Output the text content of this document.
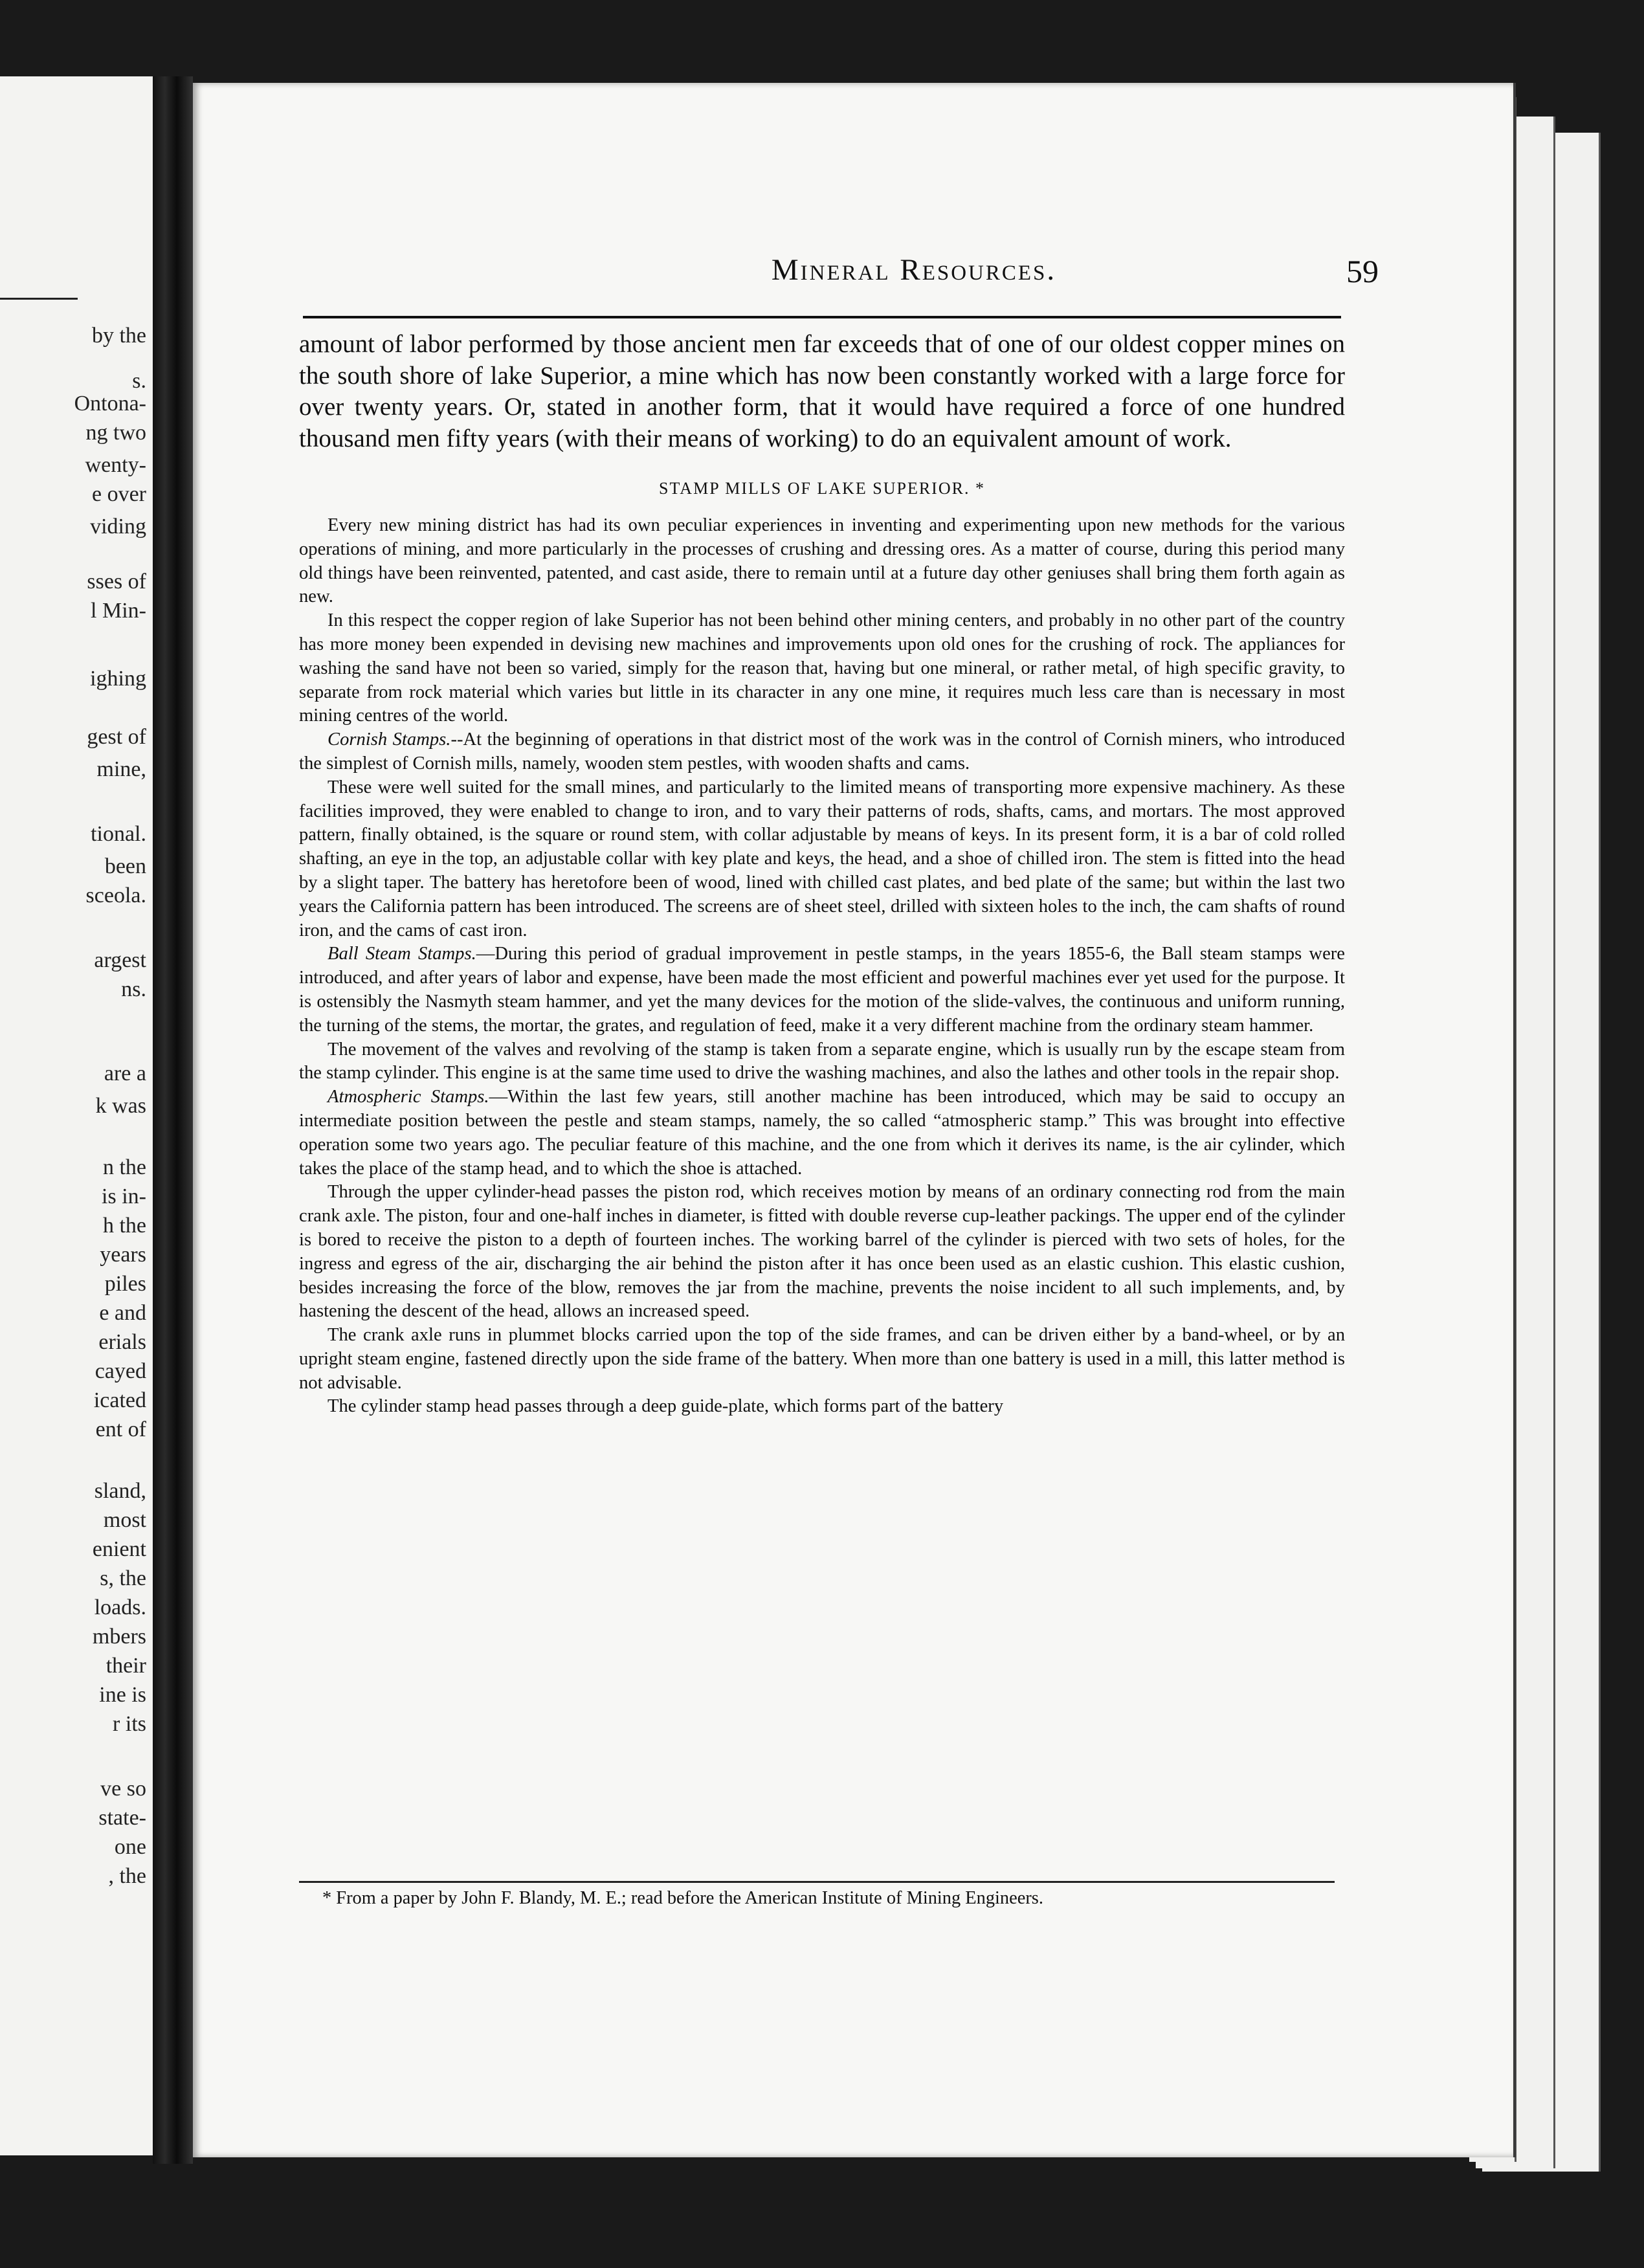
by the
s.
Ontona-
ng two
wenty-
e over
viding
sses of
l Min-
ighing
gest of
mine,
tional.
been
sceola.
argest
ns.
are a
k was
n the
is in-
h the
years
piles
e and
erials
cayed
icated
ent of
sland,
most
enient
s, the
loads.
mbers
their
ine is
r its
ve so
state-
one
, the
Mineral Resources.	59

amount of labor performed by those ancient men far exceeds that of one of our oldest copper mines on the south shore of lake Superior, a mine which has now been constantly worked with a large force for over twenty years. Or, stated in another form, that it would have required a force of one hundred thousand men fifty years (with their means of working) to do an equivalent amount of work.

STAMP MILLS OF LAKE SUPERIOR. *

Every new mining district has had its own peculiar experiences in inventing and experimenting upon new methods for the various operations of mining, and more particularly in the processes of crushing and dressing ores. As a matter of course, during this period many old things have been reinvented, patented, and cast aside, there to remain until at a future day other geniuses shall bring them forth again as new.

In this respect the copper region of lake Superior has not been behind other mining centers, and probably in no other part of the country has more money been expended in devising new machines and improvements upon old ones for the crushing of rock. The appliances for washing the sand have not been so varied, simply for the reason that, having but one mineral, or rather metal, of high specific gravity, to separate from rock material which varies but little in its character in any one mine, it requires much less care than is necessary in most mining centres of the world.

Cornish Stamps.--At the beginning of operations in that district most of the work was in the control of Cornish miners, who introduced the simplest of Cornish mills, namely, wooden stem pestles, with wooden shafts and cams.

These were well suited for the small mines, and particularly to the limited means of transporting more expensive machinery. As these facilities improved, they were enabled to change to iron, and to vary their patterns of rods, shafts, cams, and mortars. The most approved pattern, finally obtained, is the square or round stem, with collar adjustable by means of keys. In its present form, it is a bar of cold rolled shafting, an eye in the top, an adjustable collar with key plate and keys, the head, and a shoe of chilled iron. The stem is fitted into the head by a slight taper. The battery has heretofore been of wood, lined with chilled cast plates, and bed plate of the same; but within the last two years the California pattern has been introduced. The screens are of sheet steel, drilled with sixteen holes to the inch, the cam shafts of round iron, and the cams of cast iron.

Ball Steam Stamps.—During this period of gradual improvement in pestle stamps, in the years 1855-6, the Ball steam stamps were introduced, and after years of labor and expense, have been made the most efficient and powerful machines ever yet used for the purpose. It is ostensibly the Nasmyth steam hammer, and yet the many devices for the motion of the slide-valves, the continuous and uniform running, the turning of the stems, the mortar, the grates, and regulation of feed, make it a very different machine from the ordinary steam hammer.

The movement of the valves and revolving of the stamp is taken from a separate engine, which is usually run by the escape steam from the stamp cylinder. This engine is at the same time used to drive the washing machines, and also the lathes and other tools in the repair shop.

Atmospheric Stamps.—Within the last few years, still another machine has been introduced, which may be said to occupy an intermediate position between the pestle and steam stamps, namely, the so called “atmospheric stamp.” This was brought into effective operation some two years ago. The peculiar feature of this machine, and the one from which it derives its name, is the air cylinder, which takes the place of the stamp head, and to which the shoe is attached.

Through the upper cylinder-head passes the piston rod, which receives motion by means of an ordinary connecting rod from the main crank axle. The piston, four and one-half inches in diameter, is fitted with double reverse cup-leather packings. The upper end of the cylinder is bored to receive the piston to a depth of fourteen inches. The working barrel of the cylinder is pierced with two sets of holes, for the ingress and egress of the air, discharging the air behind the piston after it has once been used as an elastic cushion. This elastic cushion, besides increasing the force of the blow, removes the jar from the machine, prevents the noise incident to all such implements, and, by hastening the descent of the head, allows an increased speed.

The crank axle runs in plummet blocks carried upon the top of the side frames, and can be driven either by a band-wheel, or by an upright steam engine, fastened directly upon the side frame of the battery. When more than one battery is used in a mill, this latter method is not advisable.

The cylinder stamp head passes through a deep guide-plate, which forms part of the battery

* From a paper by John F. Blandy, M. E.; read before the American Institute of Mining Engineers.
